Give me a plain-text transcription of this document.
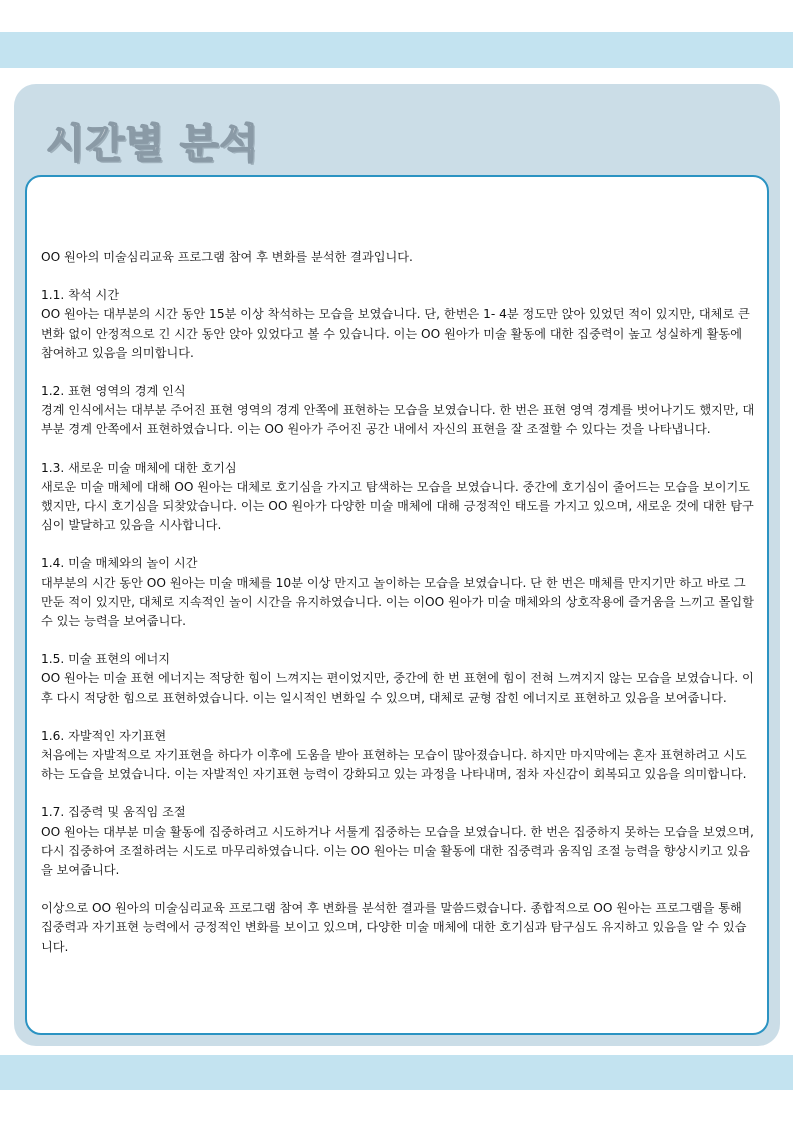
시간별 분석

OO 원아의 미술심리교육 프로그램 참여 후 변화를 분석한 결과입니다.

1.1. 착석 시간

OO 원아는 대부분의 시간 동안 15분 이상 착석하는 모습을 보였습니다. 단, 한번은 1- 4분 정도만 앉아 있었던 적이 있지만, 대체로 큰 변화 없이 안정적으로 긴 시간 동안 앉아 있었다고 볼 수 있습니다. 이는 OO 원아가 미술 활동에 대한 집중력이 높고 성실하게 활동에 참여하고 있음을 의미합니다.

1.2. 표현 영역의 경계 인식

경계 인식에서는 대부분 주어진 표현 영역의 경계 안쪽에 표현하는 모습을 보였습니다. 한 번은 표현 영역 경계를 벗어나기도 했지만, 대부분 경계 안쪽에서 표현하였습니다. 이는 OO 원아가 주어진 공간 내에서 자신의 표현을 잘 조절할 수 있다는 것을 나타냅니다.

1.3. 새로운 미술 매체에 대한 호기심

새로운 미술 매체에 대해 OO 원아는 대체로 호기심을 가지고 탐색하는 모습을 보였습니다. 중간에 호기심이 줄어드는 모습을 보이기도 했지만, 다시 호기심을 되찾았습니다. 이는 OO 원아가 다양한 미술 매체에 대해 긍정적인 태도를 가지고 있으며, 새로운 것에 대한 탐구심이 발달하고 있음을 시사합니다.

1.4. 미술 매체와의 놀이 시간

대부분의 시간 동안 OO 원아는 미술 매체를 10분 이상 만지고 놀이하는 모습을 보였습니다. 단 한 번은 매체를 만지기만 하고 바로 그만둔 적이 있지만, 대체로 지속적인 놀이 시간을 유지하였습니다. 이는 이OO 원아가 미술 매체와의 상호작용에 즐거움을 느끼고 몰입할 수 있는 능력을 보여줍니다.

1.5. 미술 표현의 에너지

OO 원아는 미술 표현 에너지는 적당한 힘이 느껴지는 편이었지만, 중간에 한 번 표현에 힘이 전혀 느껴지지 않는 모습을 보였습니다. 이후 다시 적당한 힘으로 표현하였습니다. 이는 일시적인 변화일 수 있으며, 대체로 균형 잡힌 에너지로 표현하고 있음을 보여줍니다.

1.6. 자발적인 자기표현

처음에는 자발적으로 자기표현을 하다가 이후에 도움을 받아 표현하는 모습이 많아졌습니다. 하지만 마지막에는 혼자 표현하려고 시도하는 도습을 보였습니다. 이는 자발적인 자기표현 능력이 강화되고 있는 과정을 나타내며, 점차 자신감이 회복되고 있음을 의미합니다.

1.7. 집중력 및 움직임 조절

OO 원아는 대부분 미술 활동에 집중하려고 시도하거나 서툴게 집중하는 모습을 보였습니다. 한 번은 집중하지 못하는 모습을 보였으며, 다시 집중하여 조절하려는 시도로 마무리하였습니다. 이는 OO 원아는 미술 활동에 대한 집중력과 움직임 조절 능력을 향상시키고 있음을 보여줍니다.

이상으로 OO 원아의 미술심리교육 프로그램 참여 후 변화를 분석한 결과를 말씀드렸습니다. 종합적으로 OO 원아는 프로그램을 통해 집중력과 자기표현 능력에서 긍정적인 변화를 보이고 있으며, 다양한 미술 매체에 대한 호기심과 탐구심도 유지하고 있음을 알 수 있습니다.
